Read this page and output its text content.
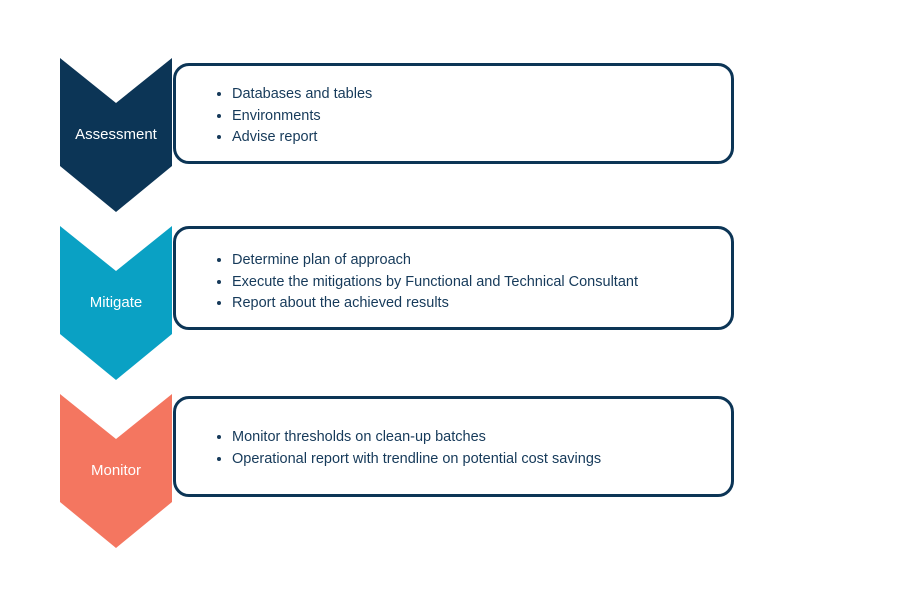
Assessment
• Databases and tables
• Environments
• Advise report
Mitigate
• Determine plan of approach
• Execute the mitigations by Functional and Technical Consultant
• Report about the achieved results
Monitor
• Monitor thresholds on clean-up batches
• Operational report with trendline on potential cost savings
